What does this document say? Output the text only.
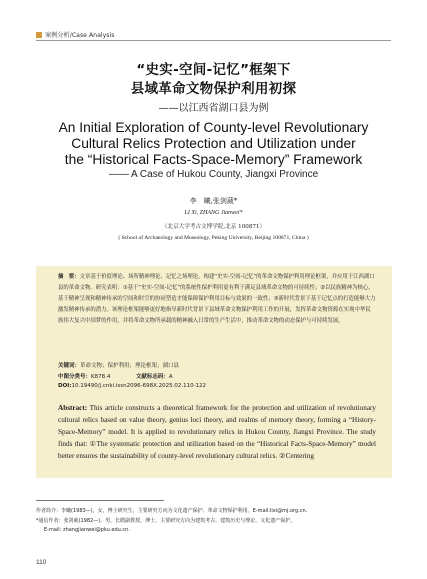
案例分析/Case Analysis
“史实-空间-记忆”框架下
县域革命文物保护利用初探
——以江西省湖口县为例
An Initial Exploration of County-level Revolutionary
Cultural Relics Protection and Utilization under
the “Historical Facts-Space-Memory” Framework
—— A Case of Hukou County, Jiangxi Province
李　曦,张剑葳*
LI Xi, ZHANG Jianwei*
（北京大学考古文博学院,北京 100871）
( School of Archaeology and Museology, Peking University, Beijing 100871, China )
摘　要：文章基于价值理论、场所精神理论、记忆之场理论，构建“史实-空间-记忆”的革命文物保护利用理论框架，并应用于江西湖口县的革命文物。研究表明：①基于“史实-空间-记忆”的系统性保护利用更有利于满足县域革命文物的可持续性；②以民族精神为核心，基于精神呈现和精神传承的空间和时空的协同塑造才能保障保护利用目标与效果的一致性；③新时代背景下基于记忆点的打造能够大力激发精神传承的潜力。该理论框架能够更好地指导新时代背景下县域革命文物保护利用工作的开展，发挥革命文物资源在实现中华民族伟大复兴中国梦的作用，并将革命文物所承载的精神融入日常的生产生活中，推动革命文物的动态保护与可持续发展。
关键词：革命文物；保护利用；理论框架；湖口县
中图分类号：K878.4	文献标志码：A
DOI:10.19490/j.cnki.issn2096-698X.2025.02.110-122
Abstract: This article constructs a theoretical framework for the protection and utilization of revolutionary cultural relics based on value theory, genius loci theory, and realms of memory theory, forming a “History-Space-Memory” model. It is applied to revolutionary relics in Hukou County, Jiangxi Province. The study finds that: ①The systematic protection and utilization based on the “Historical Facts-Space-Memory” model better ensures the sustainability of county-level revolutionary cultural relics. ②Centering
作者简介：李曦(1983—)，女，博士研究生，主要研究方向为文化遗产保护、革命文物保护利用。E-mail:lixi@mj.org.cn.
*通信作者：张剑葳(1982—)，男，长聘副教授，博士，主要研究方向为建筑考古、建筑历史与理论、文化遗产保护。
E-mail: zhangjianwei@pku.edu.cn.
110
